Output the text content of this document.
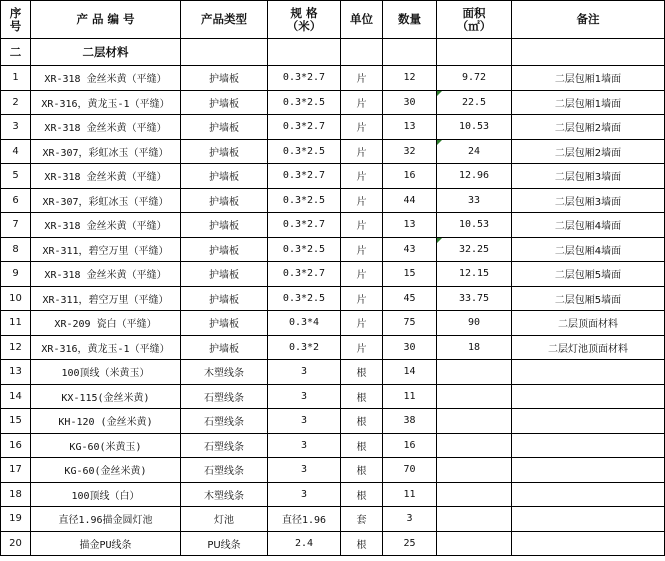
序号	产 品 编 号	产品类型	规 格（米）	单位	数量	面积（㎡）	备注
二	二层材料						
1	XR-318 金丝米黄（平缝）	护墙板	0.3*2.7	片	12	9.72	二层包厢1墙面
2	XR-316，黄龙玉-1（平缝）	护墙板	0.3*2.5	片	30	22.5	二层包厢1墙面
3	XR-318 金丝米黄（平缝）	护墙板	0.3*2.7	片	13	10.53	二层包厢2墙面
4	XR-307，彩虹冰玉（平缝）	护墙板	0.3*2.5	片	32	24	二层包厢2墙面
5	XR-318 金丝米黄（平缝）	护墙板	0.3*2.7	片	16	12.96	二层包厢3墙面
6	XR-307，彩虹冰玉（平缝）	护墙板	0.3*2.5	片	44	33	二层包厢3墙面
7	XR-318 金丝米黄（平缝）	护墙板	0.3*2.7	片	13	10.53	二层包厢4墙面
8	XR-311，碧空万里（平缝）	护墙板	0.3*2.5	片	43	32.25	二层包厢4墙面
9	XR-318 金丝米黄（平缝）	护墙板	0.3*2.7	片	15	12.15	二层包厢5墙面
10	XR-311，碧空万里（平缝）	护墙板	0.3*2.5	片	45	33.75	二层包厢5墙面
11	XR-209 瓷白（平缝）	护墙板	0.3*4	片	75	90	二层顶面材料
12	XR-316，黄龙玉-1（平缝）	护墙板	0.3*2	片	30	18	二层灯池顶面材料
13	100顶线（米黄玉）	木塑线条	3	根	14		
14	KX-115(金丝米黄)	石塑线条	3	根	11		
15	KH-120 (金丝米黄)	石塑线条	3	根	38		
16	KG-60(米黄玉)	石塑线条	3	根	16		
17	KG-60(金丝米黄)	石塑线条	3	根	70		
18	100顶线（白）	木塑线条	3	根	11		
19	直径1.96描金圆灯池	灯池	直径1.96	套	3		
20	描金PU线条	PU线条	2.4	根	25		
